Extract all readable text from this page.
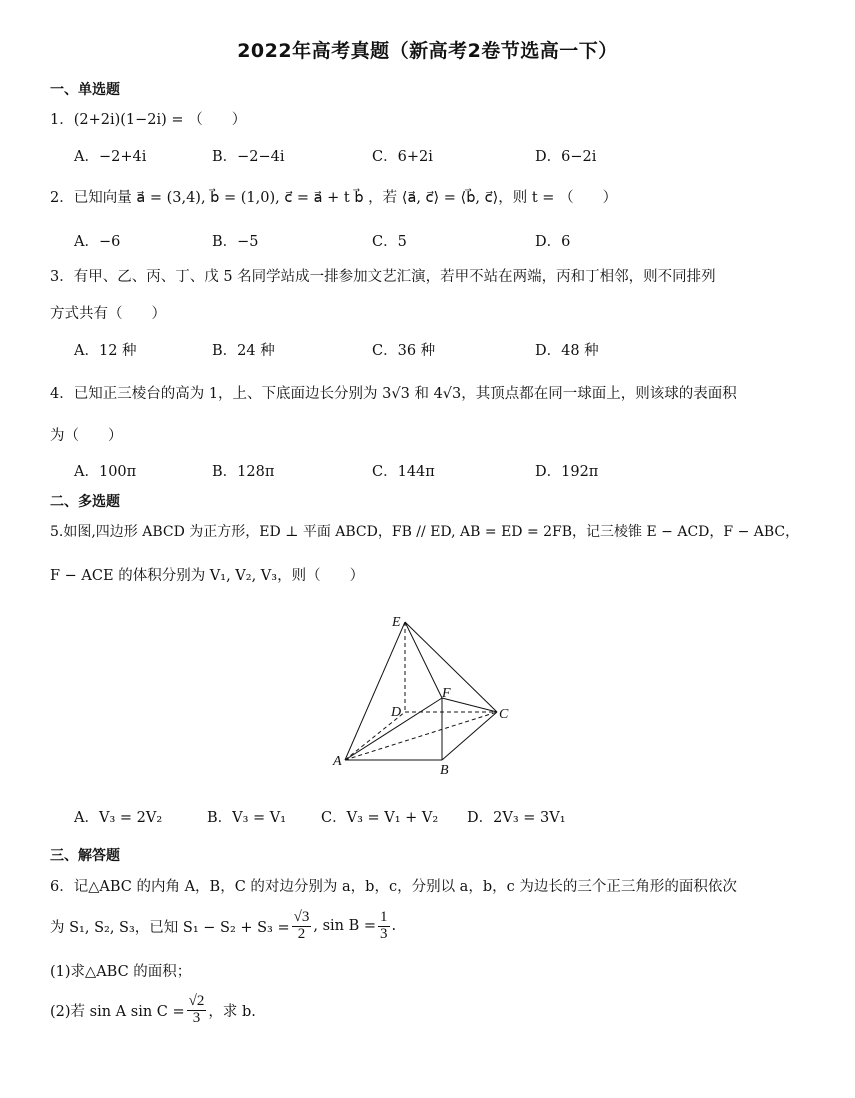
2022年高考真题（新高考2卷节选高一下）
一、单选题
1．(2+2i)(1−2i) = （　　）
A．−2+4i	B．−2−4i	C．6+2i	D．6−2i
2．已知向量 a⃗ = (3,4), b⃗ = (1,0), c⃗ = a⃗ + t b⃗ ，若 ⟨a⃗, c⃗⟩ = ⟨b⃗, c⃗⟩，则 t = （　　）
A．−6	B．−5	C．5	D．6
3．有甲、乙、丙、丁、戊 5 名同学站成一排参加文艺汇演，若甲不站在两端，丙和丁相邻，则不同排列
方式共有（　　）
A．12 种	B．24 种	C．36 种	D．48 种
4．已知正三棱台的高为 1，上、下底面边长分别为 3√3 和 4√3，其顶点都在同一球面上，则该球的表面积
为（　　）
A．100π	B．128π	C．144π	D．192π
二、多选题
5.如图,四边形 ABCD 为正方形，ED ⊥ 平面 ABCD，FB // ED, AB = ED = 2FB，记三棱锥 E − ACD，F − ABC，
F − ACE 的体积分别为 V₁, V₂, V₃，则（　　）
E
F
D	C
A
B
A．V₃ = 2V₂	B．V₃ = V₁ C．V₃ = V₁ + V₂ D．2V₃ = 3V₁
三、解答题
6．记△ABC 的内角 A，B，C 的对边分别为 a，b，c，分别以 a，b，c 为边长的三个正三角形的面积依次
为 S₁, S₂, S₃，已知 $S_1 - S_2 + S_3 = \frac{√3}{2}$ , $\sin B = \frac{1}{3}$ .
(1)求△ABC 的面积；
(2)若 sin A $\sin C = \frac{√2}{3}$ ，求 b.
